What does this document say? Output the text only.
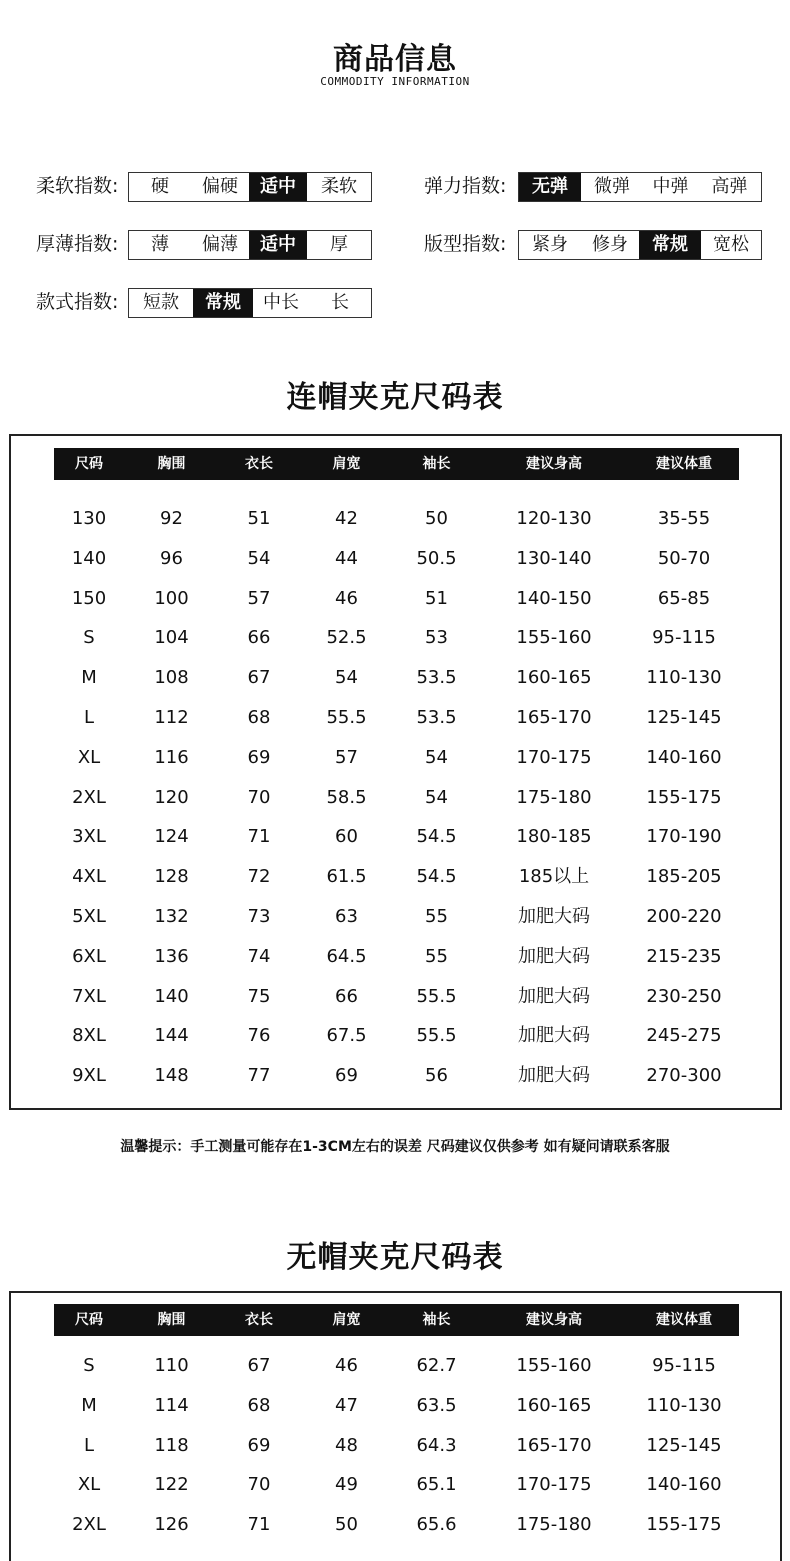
商品信息
COMMODITY INFORMATION
柔软指数:	硬	偏硬	适中	柔软	弹力指数:	无弹	微弹	中弹	高弹
厚薄指数:	薄	偏薄	适中	厚	版型指数:	紧身	修身	常规	宽松
款式指数:	短款	常规	中长	长
连帽夹克尺码表
尺码	胸围	衣长	肩宽	袖长	建议身高	建议体重
130	92	51	42	50	120-130	35-55
140	96	54	44	50.5	130-140	50-70
150	100	57	46	51	140-150	65-85
S	104	66	52.5	53	155-160	95-115
M	108	67	54	53.5	160-165	110-130
L	112	68	55.5	53.5	165-170	125-145
XL	116	69	57	54	170-175	140-160
2XL	120	70	58.5	54	175-180	155-175
3XL	124	71	60	54.5	180-185	170-190
4XL	128	72	61.5	54.5	185以上	185-205
5XL	132	73	63	55	加肥大码	200-220
6XL	136	74	64.5	55	加肥大码	215-235
7XL	140	75	66	55.5	加肥大码	230-250
8XL	144	76	67.5	55.5	加肥大码	245-275
9XL	148	77	69	56	加肥大码	270-300
温馨提示：手工测量可能存在1-3CM左右的误差 尺码建议仅供参考 如有疑问请联系客服
无帽夹克尺码表
尺码	胸围	衣长	肩宽	袖长	建议身高	建议体重
S	110	67	46	62.7	155-160	95-115
M	114	68	47	63.5	160-165	110-130
L	118	69	48	64.3	165-170	125-145
XL	122	70	49	65.1	170-175	140-160
2XL	126	71	50	65.6	175-180	155-175
